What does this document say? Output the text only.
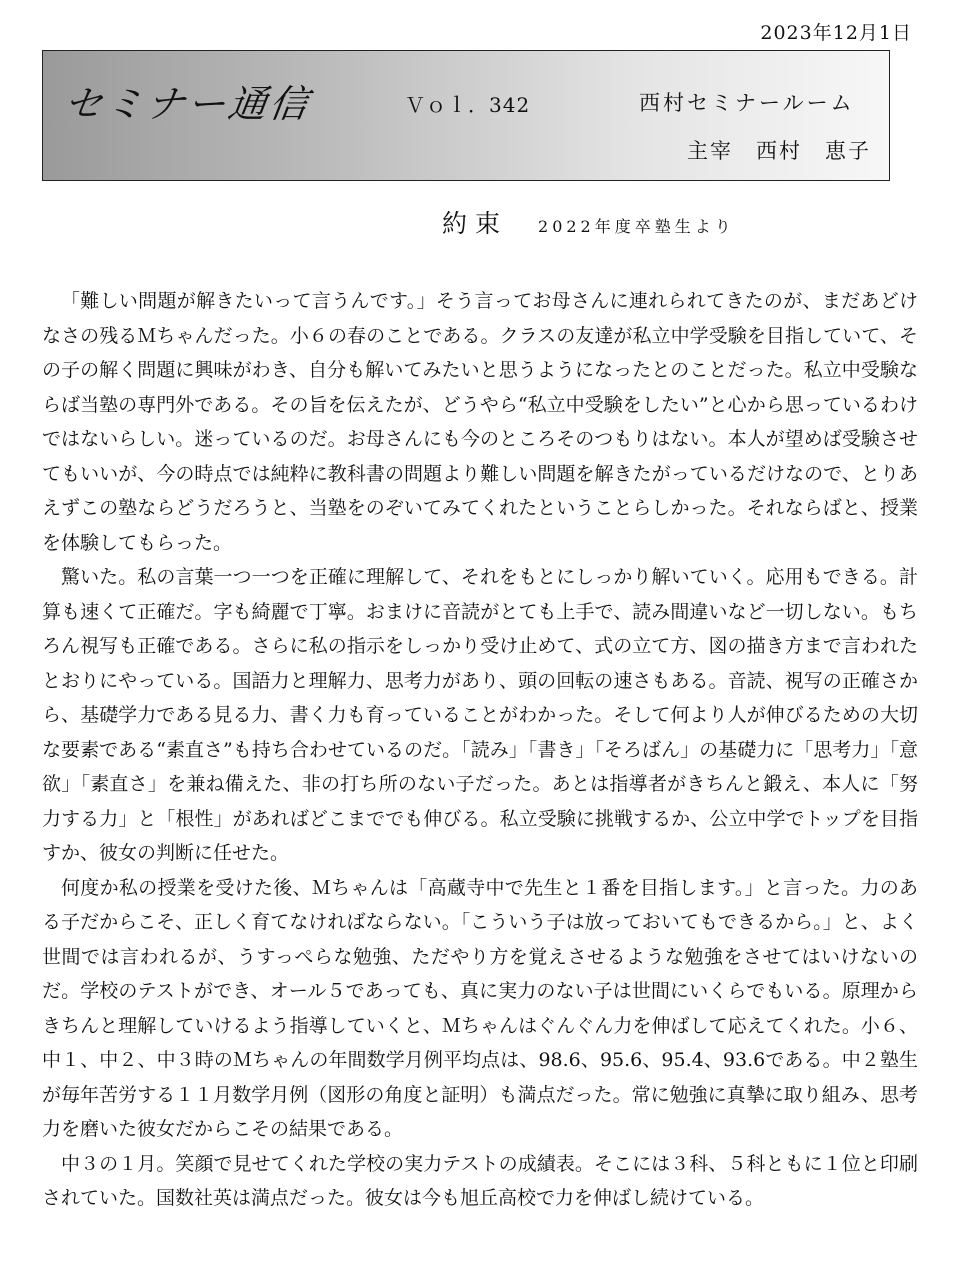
2023年12月1日
セミナー通信	Ｖｏｌ．342	西村セミナールーム
主宰　西村　恵子
約束 2022年度卒塾生より

「難しい問題が解きたいって言うんです。」そう言ってお母さんに連れられてきたのが、まだあどけなさの残るＭちゃんだった。小６の春のことである。クラスの友達が私立中学受験を目指していて、その子の解く問題に興味がわき、自分も解いてみたいと思うようになったとのことだった。私立中受験ならば当塾の専門外である。その旨を伝えたが、どうやら“私立中受験をしたい”と心から思っているわけではないらしい。迷っているのだ。お母さんにも今のところそのつもりはない。本人が望めば受験させてもいいが、今の時点では純粋に教科書の問題より難しい問題を解きたがっているだけなので、とりあえずこの塾ならどうだろうと、当塾をのぞいてみてくれたということらしかった。それならばと、授業を体験してもらった。

驚いた。私の言葉一つ一つを正確に理解して、それをもとにしっかり解いていく。応用もできる。計算も速くて正確だ。字も綺麗で丁寧。おまけに音読がとても上手で、読み間違いなど一切しない。もちろん視写も正確である。さらに私の指示をしっかり受け止めて、式の立て方、図の描き方まで言われたとおりにやっている。国語力と理解力、思考力があり、頭の回転の速さもある。音読、視写の正確さから、基礎学力である見る力、書く力も育っていることがわかった。そして何より人が伸びるための大切な要素である“素直さ”も持ち合わせているのだ。「読み」「書き」「そろばん」の基礎力に「思考力」「意欲」「素直さ」を兼ね備えた、非の打ち所のない子だった。あとは指導者がきちんと鍛え、本人に「努力する力」と「根性」があればどこまででも伸びる。私立受験に挑戦するか、公立中学でトップを目指すか、彼女の判断に任せた。

何度か私の授業を受けた後、Ｍちゃんは「高蔵寺中で先生と１番を目指します。」と言った。力のある子だからこそ、正しく育てなければならない。「こういう子は放っておいてもできるから。」と、よく世間では言われるが、うすっぺらな勉強、ただやり方を覚えさせるような勉強をさせてはいけないのだ。学校のテストができ、オール５であっても、真に実力のない子は世間にいくらでもいる。原理からきちんと理解していけるよう指導していくと、Ｍちゃんはぐんぐん力を伸ばして応えてくれた。小６、中１、中２、中３時のＭちゃんの年間数学月例平均点は、98.6、95.6、95.4、93.6である。中２塾生が毎年苦労する１１月数学月例（図形の角度と証明）も満点だった。常に勉強に真摯に取り組み、思考力を磨いた彼女だからこその結果である。

中３の１月。笑顔で見せてくれた学校の実力テストの成績表。そこには３科、５科ともに１位と印刷されていた。国数社英は満点だった。彼女は今も旭丘高校で力を伸ばし続けている。
